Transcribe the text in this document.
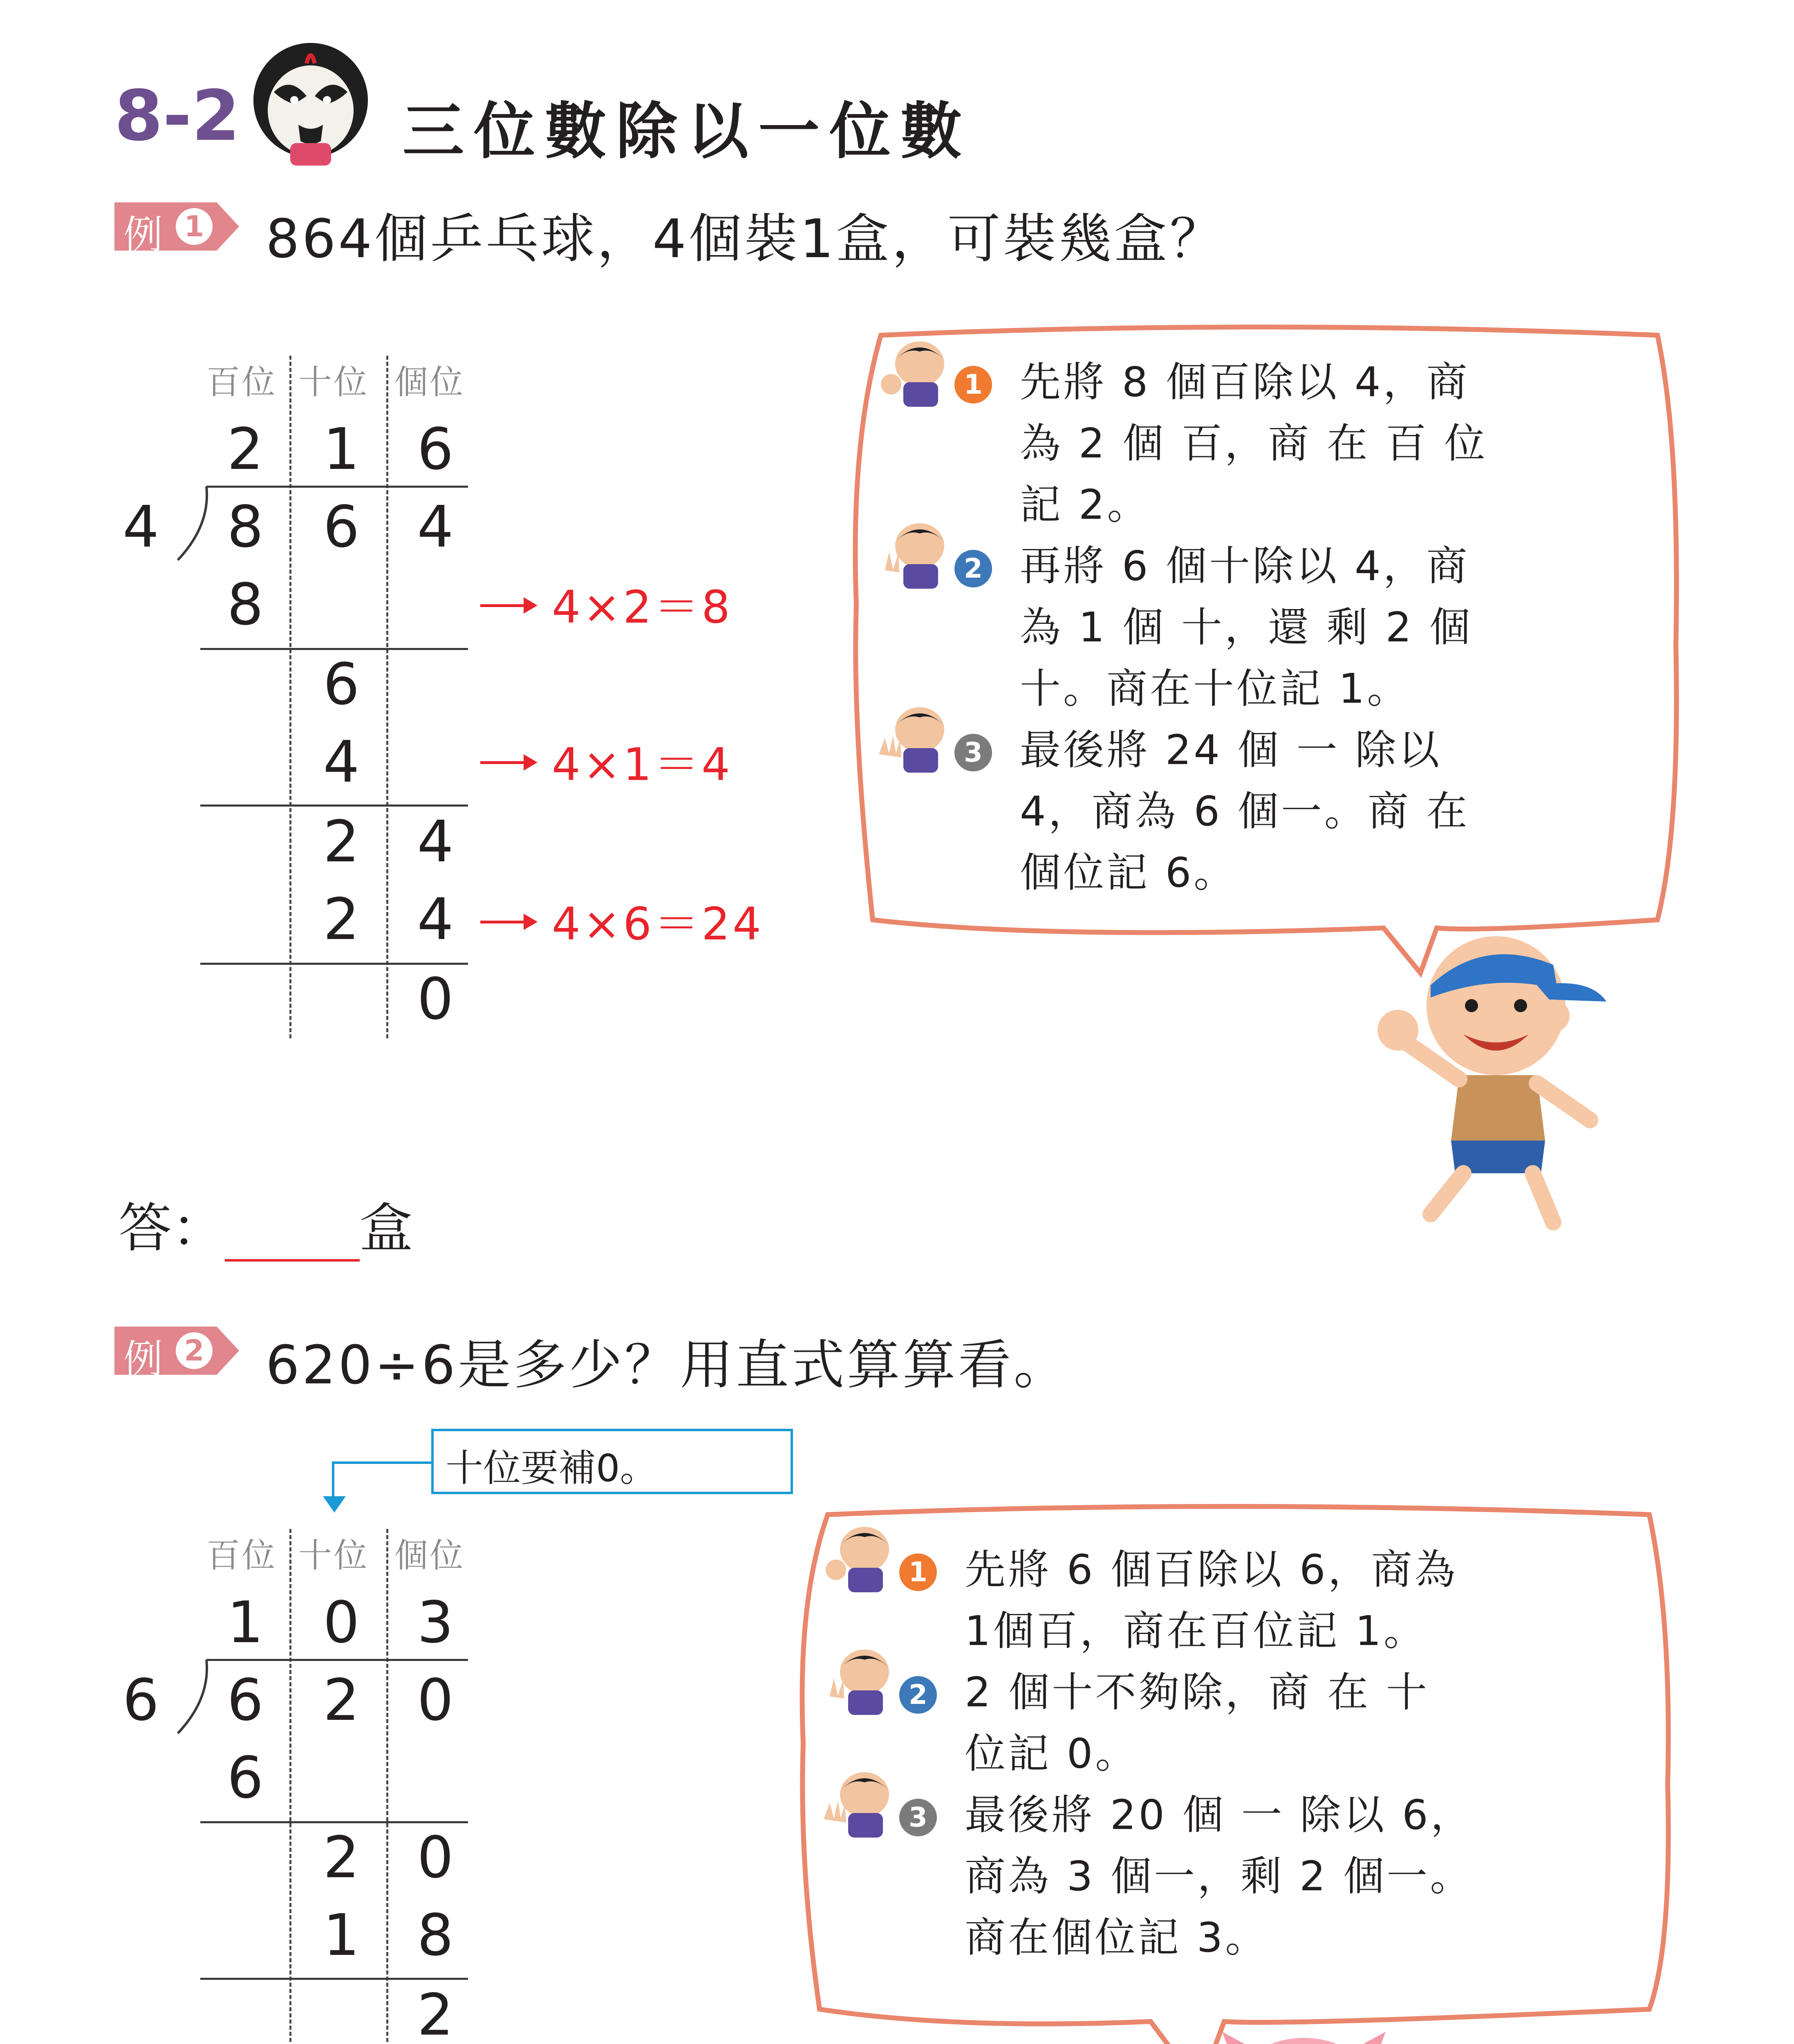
8-2	三位數除以一位數
例 1 864個乒乓球，4個裝1盒，可裝幾盒？
百位 十位 個位
2 1 6
4 8 6 4
8
6
4
2 4
2 4
0
4×2＝8
4×1＝4
4×6＝24
1 先將 8 個百除以 4，商
為 2 個 百，商 在 百 位
記 2。
2 再將 6 個十除以 4，商
為 1 個 十，還 剩 2 個
十。商在十位記 1。
3 最後將 24 個 一 除以
4，商為 6 個一。商 在
個位記 6。
答：	盒
例 2 620÷6是多少？用直式算算看。
十位要補0。
百位 十位 個位
1 0 3
6 6 2 0
6
2 0
1 8
2
1 先將 6 個百除以 6，商為
1個百，商在百位記 1。
2 2 個十不夠除，商 在 十
位記 0。
3 最後將 20 個 一 除以 6，
商為 3 個一，剩 2 個一。
商在個位記 3。
